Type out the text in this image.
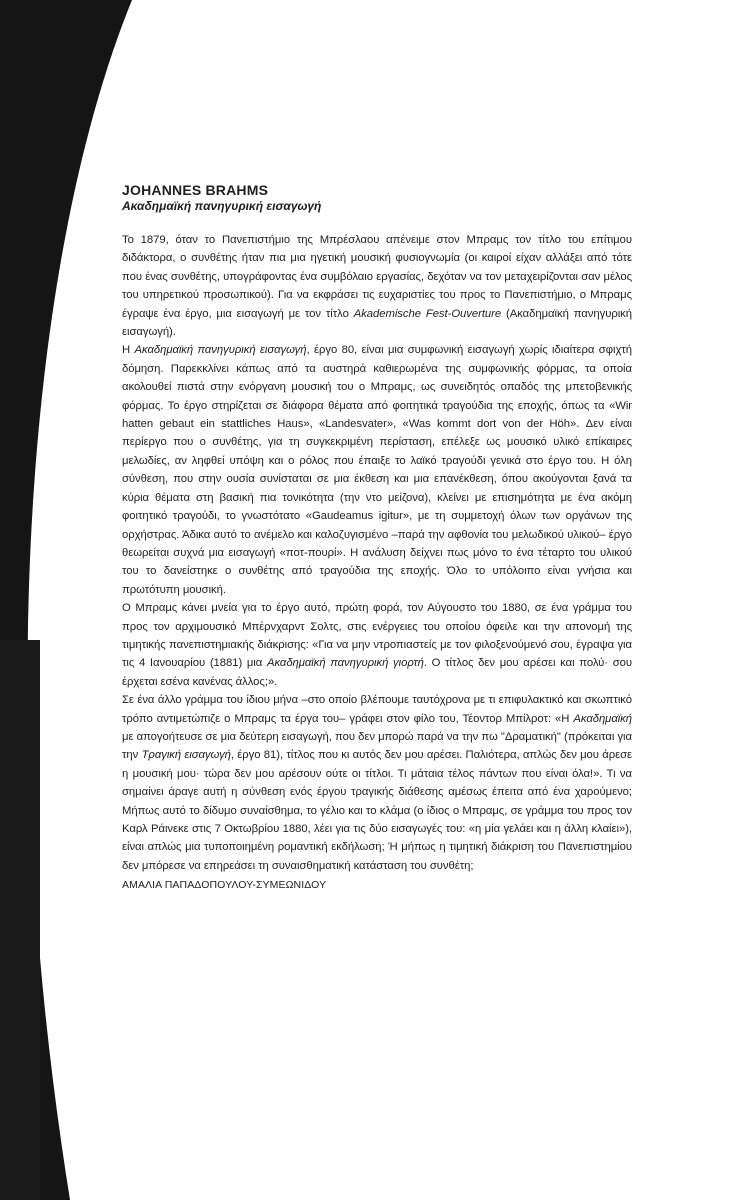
JOHANNES BRAHMS
Ακαδημαϊκή πανηγυρική εισαγωγή

Το 1879, όταν το Πανεπιστήμιο της Μπρέσλαου απένειμε στον Μπραμς τον τίτλο του επίτιμου διδάκτορα, ο συνθέτης ήταν πια μια ηγετική μουσική φυσιογνωμία (οι καιροί είχαν αλλάξει από τότε που ένας συνθέτης, υπογράφοντας ένα συμβόλαιο εργασίας, δεχόταν να τον μεταχειρίζονται σαν μέλος του υπηρετικού προσωπικού). Για να εκφράσει τις ευχαριστίες του προς το Πανεπιστήμιο, ο Μπραμς έγραψε ένα έργο, μια εισαγωγή με τον τίτλο Akademische Fest-Ouverture (Ακαδημαϊκή πανηγυρική εισαγωγή).

Η Ακαδημαϊκή πανηγυρική εισαγωγή, έργο 80, είναι μια συμφωνική εισαγωγή χωρίς ιδιαίτερα σφιχτή δόμηση. Παρεκκλίνει κάπως από τα αυστηρά καθιερωμένα της συμφωνικής φόρμας, τα οποία ακολουθεί πιστά στην ενόργανη μουσική του ο Μπραμς, ως συνειδητός οπαδός της μπετοβενικής φόρμας. Το έργο στηρίζεται σε διάφορα θέματα από φοιτητικά τραγούδια της εποχής, όπως τα «Wir hatten gebaut ein stattliches Haus», «Landesvater», «Was kommt dort von der Höh». Δεν είναι περίεργο που ο συνθέτης, για τη συγκεκριμένη περίσταση, επέλεξε ως μουσικό υλικό επίκαιρες μελωδίες, αν ληφθεί υπόψη και ο ρόλος που έπαιξε το λαϊκό τραγούδι γενικά στο έργο του. Η όλη σύνθεση, που στην ουσία συνίσταται σε μια έκθεση και μια επανέκθεση, όπου ακούγονται ξανά τα κύρια θέματα στη βασική πια τονικότητα (την ντο μείζονα), κλείνει με επισημότητα με ένα ακόμη φοιτητικό τραγούδι, το γνωστότατο «Gaudeamus igitur», με τη συμμετοχή όλων των οργάνων της ορχήστρας. Άδικα αυτό το ανέμελο και καλοζυγισμένο –παρά την αφθονία του μελωδικού υλικού– έργο θεωρείται συχνά μια εισαγωγή «ποτ-πουρί». Η ανάλυση δείχνει πως μόνο το ένα τέταρτο του υλικού του το δανείστηκε ο συνθέτης από τραγούδια της εποχής. Όλο το υπόλοιπο είναι γνήσια και πρωτότυπη μουσική.

Ο Μπραμς κάνει μνεία για το έργο αυτό, πρώτη φορά, τον Αύγουστο του 1880, σε ένα γράμμα του προς τον αρχιμουσικό Μπέρνχαρντ Σολτς, στις ενέργειες του οποίου όφειλε και την απονομή της τιμητικής πανεπιστημιακής διάκρισης: «Για να μην ντροπιαστείς με τον φιλοξενούμενό σου, έγραψα για τις 4 Ιανουαρίου (1881) μια Ακαδημαϊκή πανηγυρική γιορτή. Ο τίτλος δεν μου αρέσει και πολύ· σου έρχεται εσένα κανένας άλλος;».

Σε ένα άλλο γράμμα του ίδιου μήνα –στο οποίο βλέπουμε ταυτόχρονα με τι επιφυλακτικό και σκωπτικό τρόπο αντιμετώπιζε ο Μπραμς τα έργα του– γράφει στον φίλο του, Τέοντορ Μπίλροτ: «Η Ακαδημαϊκή με απογοήτευσε σε μια δεύτερη εισαγωγή, που δεν μπορώ παρά να την πω "Δραματική" (πρόκειται για την Τραγική εισαγωγή, έργο 81), τίτλος που κι αυτός δεν μου αρέσει. Παλιότερα, απλώς δεν μου άρεσε η μουσική μου· τώρα δεν μου αρέσουν ούτε οι τίτλοι. Τι μάταια τέλος πάντων που είναι όλα!». Τι να σημαίνει άραγε αυτή η σύνθεση ενός έργου τραγικής διάθεσης αμέσως έπειτα από ένα χαρούμενο; Μήπως αυτό το δίδυμο συναίσθημα, το γέλιο και το κλάμα (ο ίδιος ο Μπραμς, σε γράμμα του προς τον Καρλ Ράινεκε στις 7 Οκτωβρίου 1880, λέει για τις δύο εισαγωγές του: «η μία γελάει και η άλλη κλαίει»), είναι απλώς μια τυποποιημένη ρομαντική εκδήλωση; Ή μήπως η τιμητική διάκριση του Πανεπιστημίου δεν μπόρεσε να επηρεάσει τη συναισθηματική κατάσταση του συνθέτη;

ΑΜΑΛΙΑ ΠΑΠΑΔΟΠΟΥΛΟΥ-ΣΥΜΕΩΝΙΔΟΥ
